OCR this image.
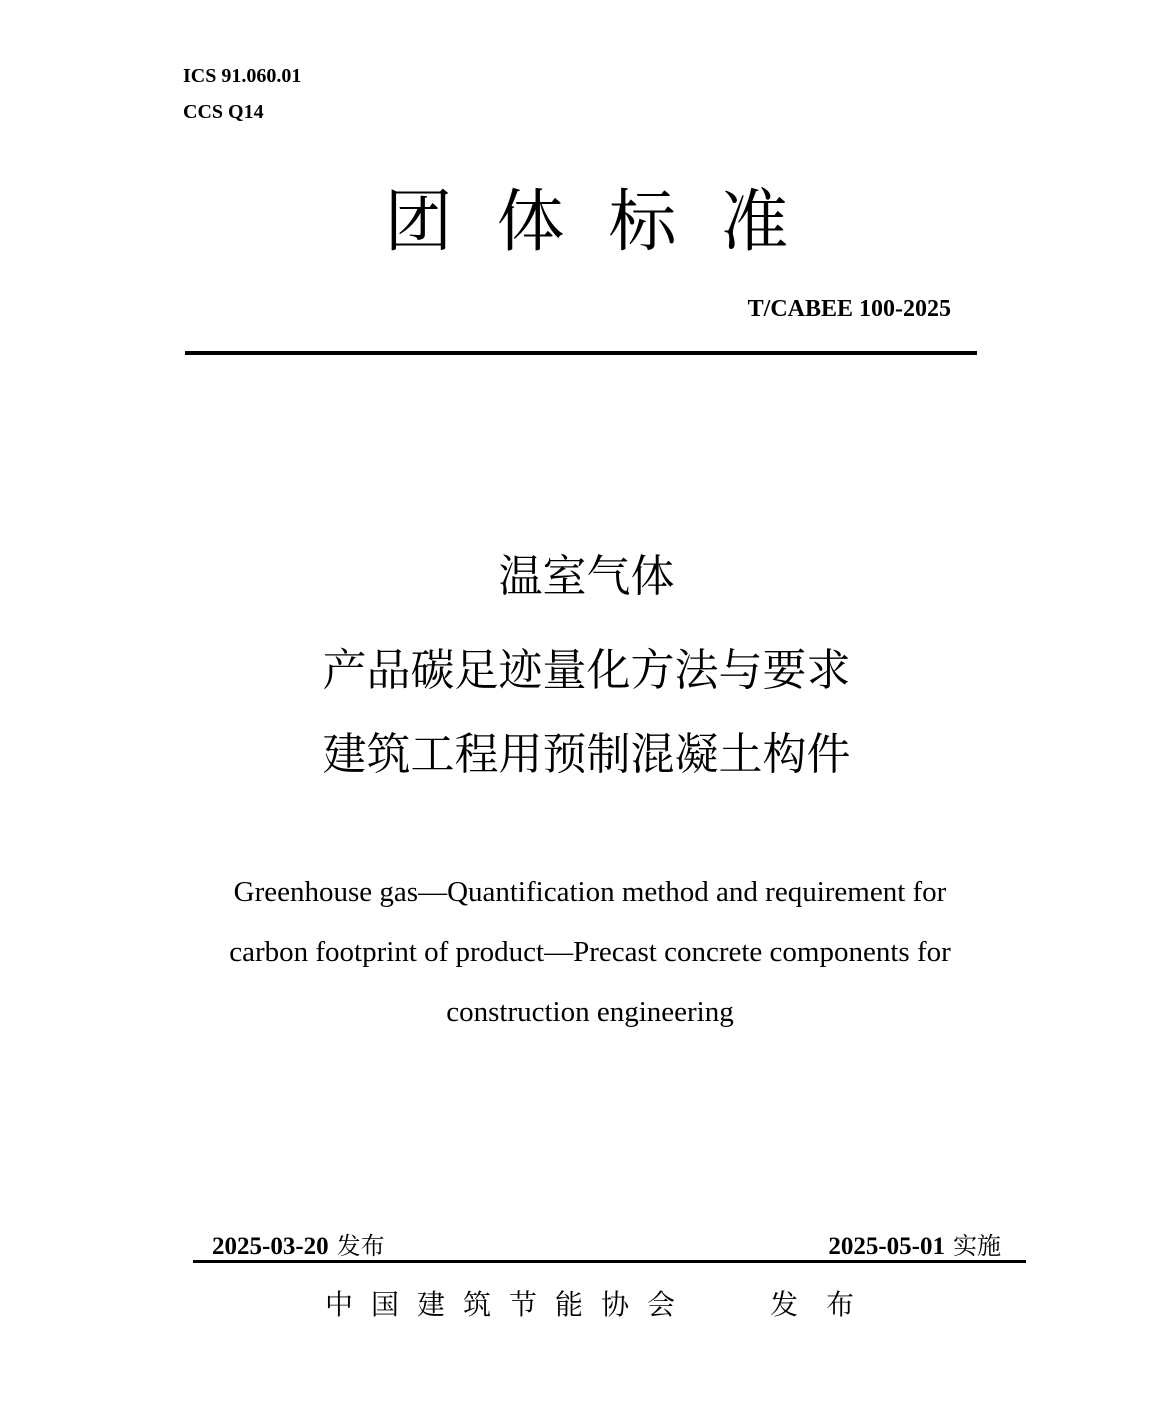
ICS 91.060.01
CCS Q14
团 体 标 准
T/CABEE 100-2025
温室气体
产品碳足迹量化方法与要求
建筑工程用预制混凝土构件
Greenhouse gas—Quantification method and requirement for
carbon footprint of product—Precast concrete components for
construction engineering
2025-03-20 发布	2025-05-01 实施
中国建筑节能协会	发布
